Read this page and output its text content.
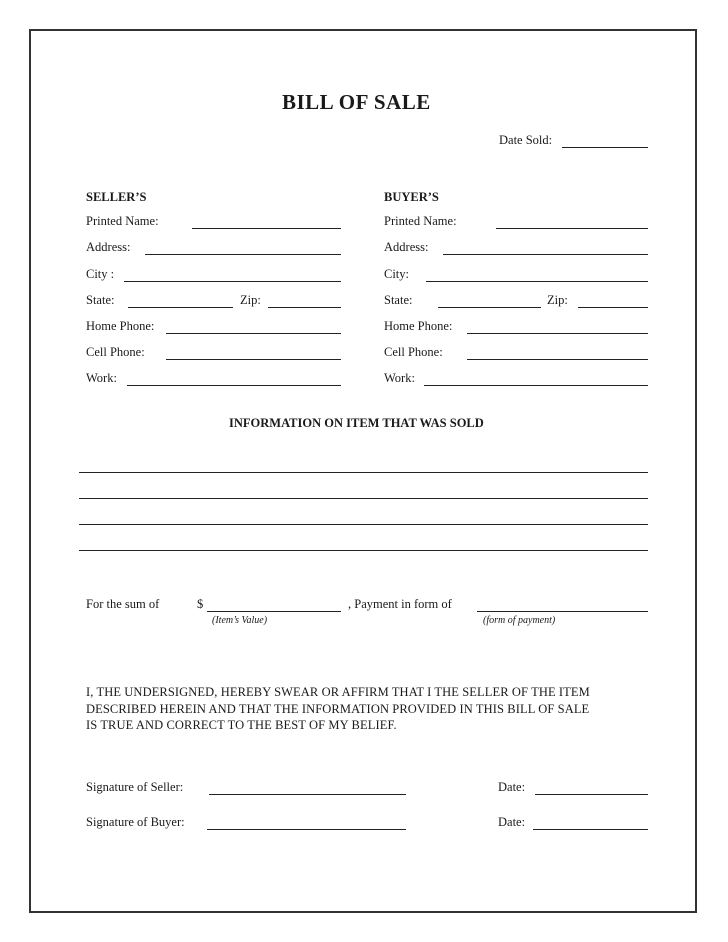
BILL OF SALE
Date Sold:
SELLER’S
Printed Name:
Address:
City :
State:	Zip:
Home Phone:
Cell Phone:
Work:
BUYER’S
Printed Name:
Address:
City:
State:	Zip:
Home Phone:
Cell Phone:
Work:
INFORMATION ON ITEM THAT WAS SOLD
For the sum of	$
(Item’s Value)
, Payment in form of
(form of payment)
I, THE UNDERSIGNED, HEREBY SWEAR OR AFFIRM THAT I THE SELLER OF THE ITEM
DESCRIBED HEREIN AND THAT THE INFORMATION PROVIDED IN THIS BILL OF SALE
IS TRUE AND CORRECT TO THE BEST OF MY BELIEF.
Signature of Seller:	Date:
Signature of Buyer:	Date:
